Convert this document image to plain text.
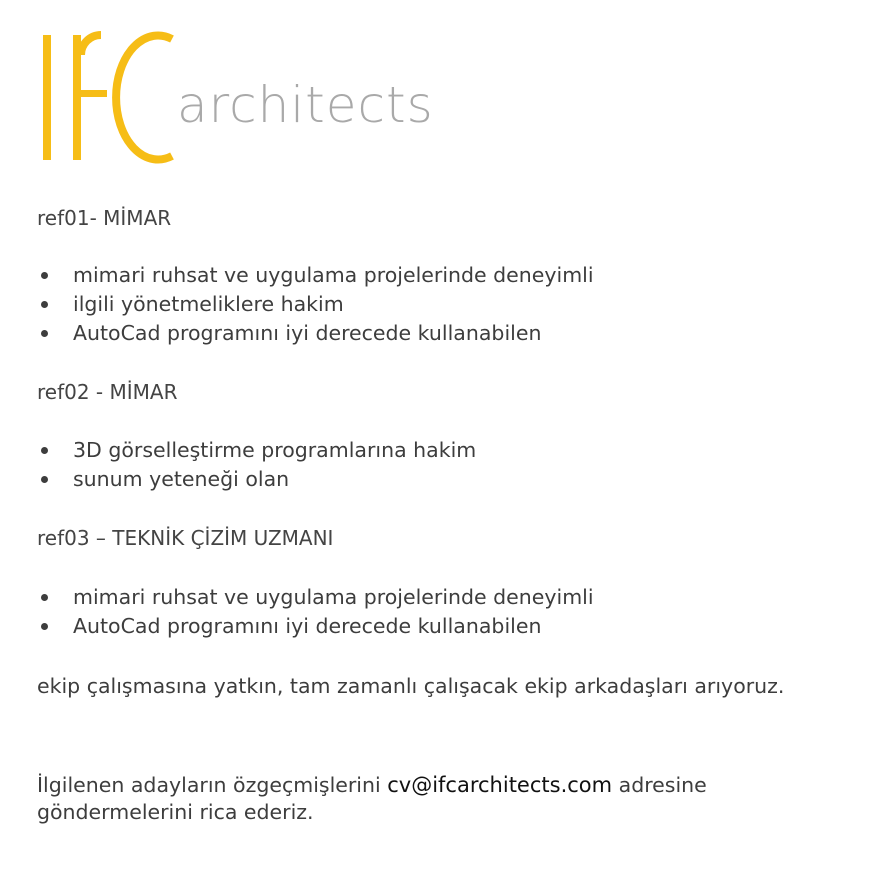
architects
ref01- MİMAR
mimari ruhsat ve uygulama projelerinde deneyimli
ilgili yönetmeliklere hakim
AutoCad programını iyi derecede kullanabilen
ref02 - MİMAR
3D görselleştirme programlarına hakim
sunum yeteneği olan
ref03 – TEKNİK ÇİZİM UZMANI
mimari ruhsat ve uygulama projelerinde deneyimli
AutoCad programını iyi derecede kullanabilen
ekip çalışmasına yatkın, tam zamanlı çalışacak ekip arkadaşları arıyoruz.
İlgilenen adayların özgeçmişlerini cv@ifcarchitects.com adresine göndermelerini rica ederiz.
